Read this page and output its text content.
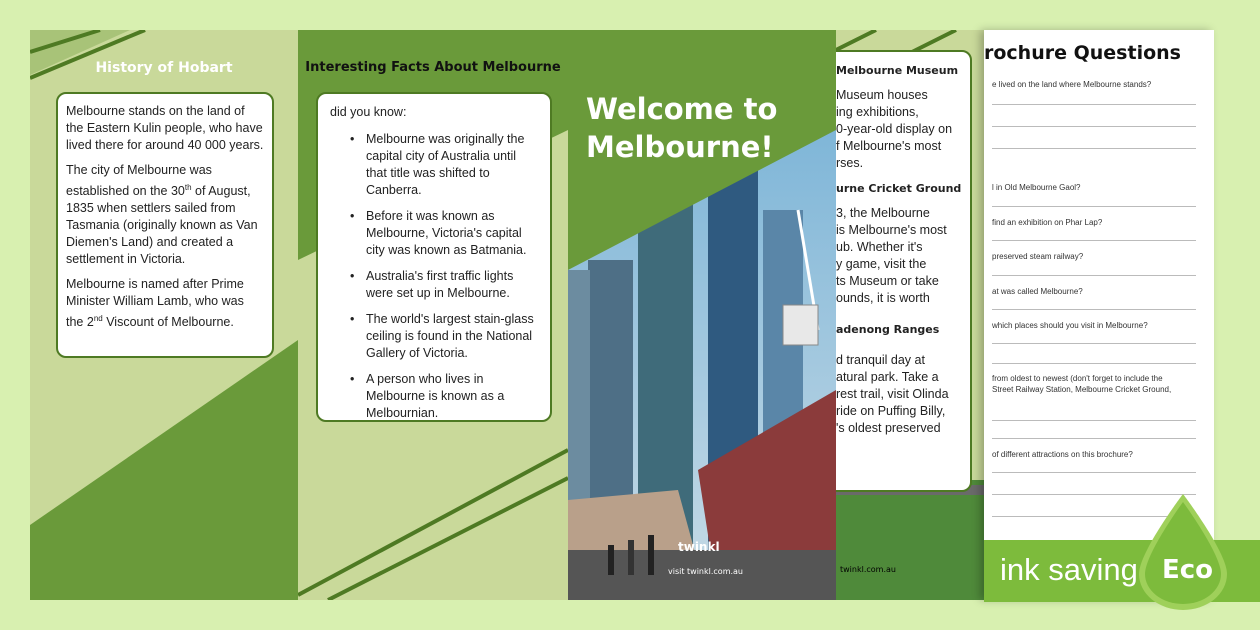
History of Hobart

Melbourne stands on the land of the Eastern Kulin people, who have lived there for around 40 000 years.

The city of Melbourne was established on the 30th of August, 1835 when settlers sailed from Tasmania (originally known as Van Diemen's Land) and created a settlement in Victoria.

Melbourne is named after Prime Minister William Lamb, who was the 2nd Viscount of Melbourne.

Interesting Facts About Melbourne
did you know:
• Melbourne was originally the capital city of Australia until that title was shifted to Canberra.
• Before it was known as Melbourne, Victoria's capital city was known as Batmania.
• Australia's first traffic lights were set up in Melbourne.
• The world's largest stain-glass ceiling is found in the National Gallery of Victoria.
• A person who lives in Melbourne is known as a Melbournian.
Welcome to
Melbourne!
twinkl
visit twinkl.com.au
Melbourne Museum
Museum houses
ing exhibitions,
0-year-old display on
f Melbourne's most
rses.
urne Cricket Ground
3, the Melbourne
is Melbourne's most
ub. Whether it's
y game, visit the
ts Museum or take
ounds, it is worth
adenong Ranges
d tranquil day at
atural park. Take a
rest trail, visit Olinda
ride on Puffing Billy,
's oldest preserved
twinkl.com.au
rochure Questions
e lived on the land where Melbourne stands?
l in Old Melbourne Gaol?
find an exhibition on Phar Lap?
preserved steam railway?
at was called Melbourne?
which places should you visit in Melbourne?
from oldest to newest (don't forget to include the
Street Railway Station, Melbourne Cricket Ground,
of different attractions on this brochure?
ink saving Eco
